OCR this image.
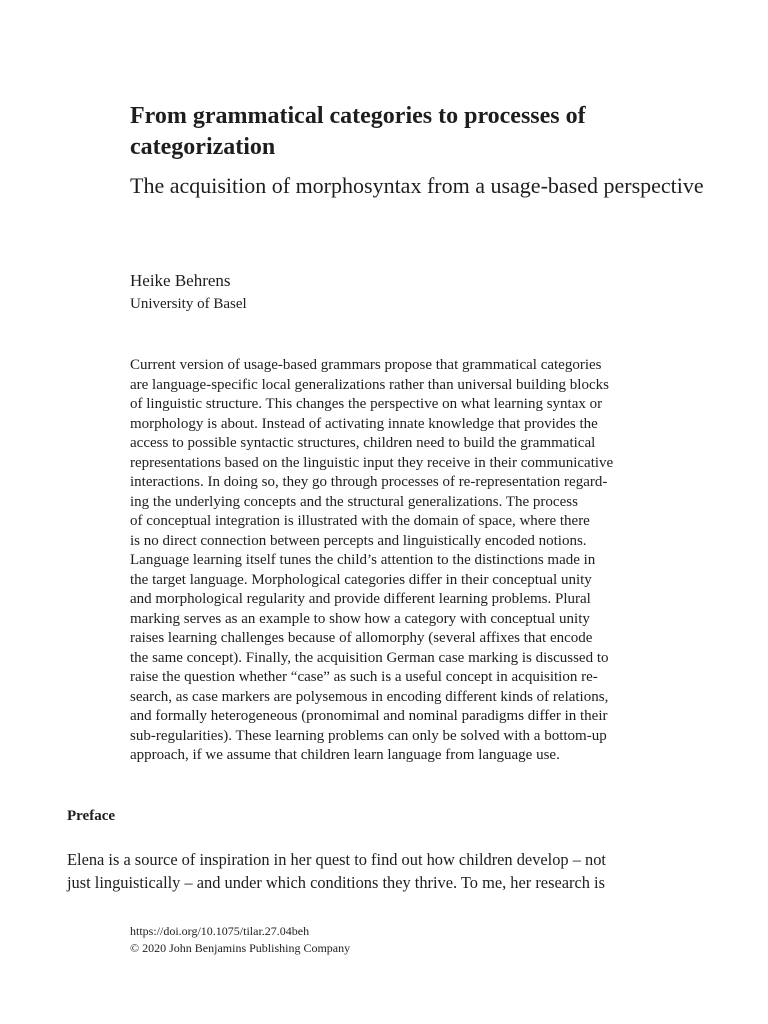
From grammatical categories to processes of categorization
The acquisition of morphosyntax from a usage-based perspective

Heike Behrens

University of Basel

Current version of usage-based grammars propose that grammatical categories
are language-specific local generalizations rather than universal building blocks
of linguistic structure. This changes the perspective on what learning syntax or
morphology is about. Instead of activating innate knowledge that provides the
access to possible syntactic structures, children need to build the grammatical
representations based on the linguistic input they receive in their communicative
interactions. In doing so, they go through processes of re-representation regard-
ing the underlying concepts and the structural generalizations. The process
of conceptual integration is illustrated with the domain of space, where there
is no direct connection between percepts and linguistically encoded notions.
Language learning itself tunes the child’s attention to the distinctions made in
the target language. Morphological categories differ in their conceptual unity
and morphological regularity and provide different learning problems. Plural
marking serves as an example to show how a category with conceptual unity
raises learning challenges because of allomorphy (several affixes that encode
the same concept). Finally, the acquisition German case marking is discussed to
raise the question whether “case” as such is a useful concept in acquisition re-
search, as case markers are polysemous in encoding different kinds of relations,
and formally heterogeneous (pronomimal and nominal paradigms differ in their
sub-regularities). These learning problems can only be solved with a bottom-up
approach, if we assume that children learn language from language use.
Preface
Elena is a source of inspiration in her quest to find out how children develop – not
just linguistically – and under which conditions they thrive. To me, her research is
https://doi.org/10.1075/tilar.27.04beh
© 2020 John Benjamins Publishing Company
